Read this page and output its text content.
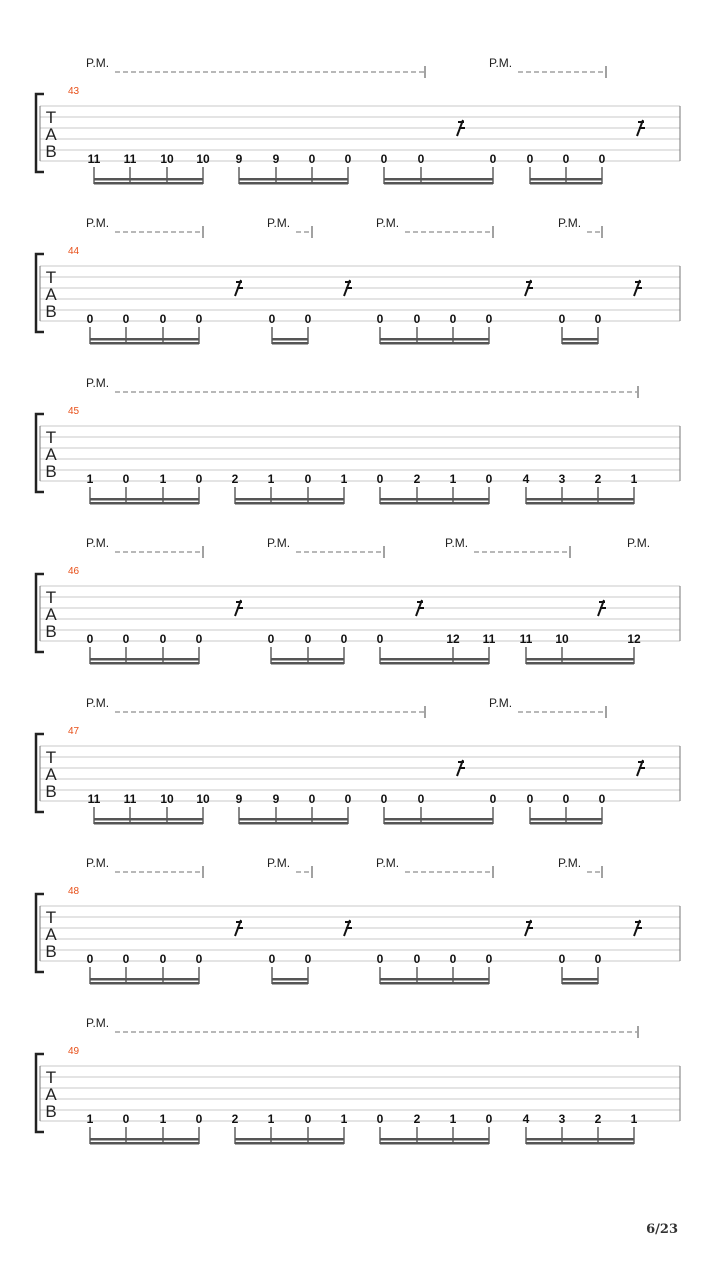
P.M.	P.M.
43
T
A
B	11 11 10 10 9	9 0 0 0	0	0	0 0 0
P.M.	P.M.	P.M.	P.M.
44
T
A
B 0 0	0 0	0 0	0	0 0 0	0 0
P.M.
45
T
A
B 1 0	1 0 2 1	0 1 0	2 1 0	4 3 2 1
P.M.	P.M.	P.M.	P.M.
46
T
A
B 0 0	0 0	0	0 0 0	12 11 11 10	12
P.M.	P.M.
47
T
A
B	11 11 10 10 9	9 0 0 0	0	0	0 0 0
P.M.	P.M.	P.M.	P.M.
48
T
A
B 0 0	0 0	0 0	0	0 0 0	0 0
P.M.
49
T
A
B 1 0	1 0 2 1	0 1 0	2 1 0	4 3 2 1
6/23
